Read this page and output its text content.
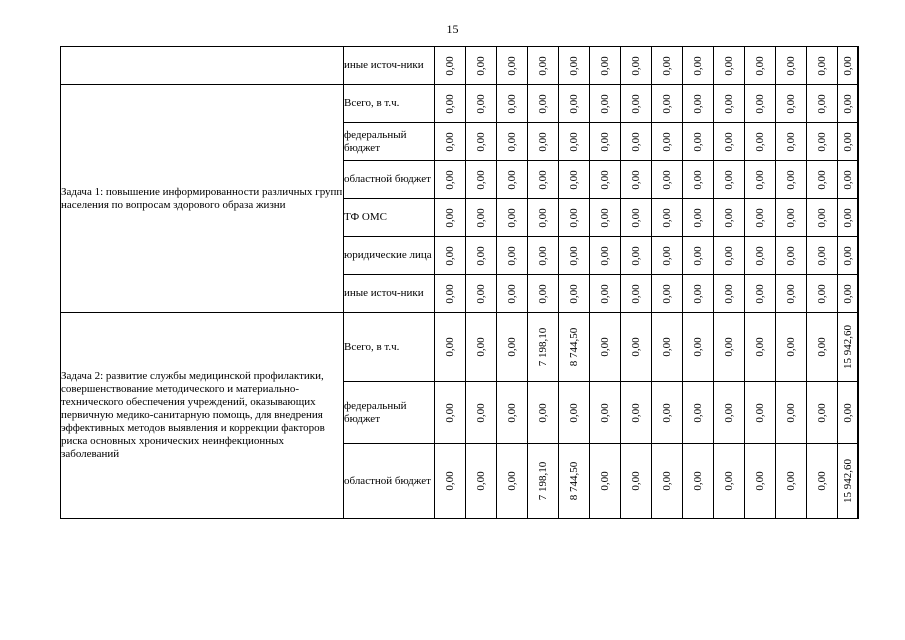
15
	иные источ-ники	0,00	0,00	0,00	0,00	0,00	0,00	0,00	0,00	0,00	0,00	0,00	0,00	0,00	0,00	

Задача 1: повышение информированности различных групп населения по вопросам здорового образа жизни	Всего, в т.ч.	0,00	0,00	0,00	0,00	0,00	0,00	0,00	0,00	0,00	0,00	0,00	0,00	0,00	0,00	

	федеральный бюджет	0,00	0,00	0,00	0,00	0,00	0,00	0,00	0,00	0,00	0,00	0,00	0,00	0,00	0,00	

	областной бюджет	0,00	0,00	0,00	0,00	0,00	0,00	0,00	0,00	0,00	0,00	0,00	0,00	0,00	0,00	

	ТФ ОМС	0,00	0,00	0,00	0,00	0,00	0,00	0,00	0,00	0,00	0,00	0,00	0,00	0,00	0,00	

	юридические лица	0,00	0,00	0,00	0,00	0,00	0,00	0,00	0,00	0,00	0,00	0,00	0,00	0,00	0,00	

	иные источ-ники	0,00	0,00	0,00	0,00	0,00	0,00	0,00	0,00	0,00	0,00	0,00	0,00	0,00	0,00	

Задача 2: развитие службы медицинской профилактики, совершенствование методического и материально- технического обеспечения учреждений, оказывающих первичную медико-санитарную помощь, для внедрения эффективных методов выявления и коррекции факторов риска основных хронических неинфекционных заболеваний	Всего, в т.ч.	0,00	0,00	0,00	7 198,10	8 744,50	0,00	0,00	0,00	0,00	0,00	0,00	0,00	0,00	15 942,60	

	федеральный бюджет	0,00	0,00	0,00	0,00	0,00	0,00	0,00	0,00	0,00	0,00	0,00	0,00	0,00	0,00	

	областной бюджет	0,00	0,00	0,00	7 198,10	8 744,50	0,00	0,00	0,00	0,00	0,00	0,00	0,00	0,00	15 942,60	
